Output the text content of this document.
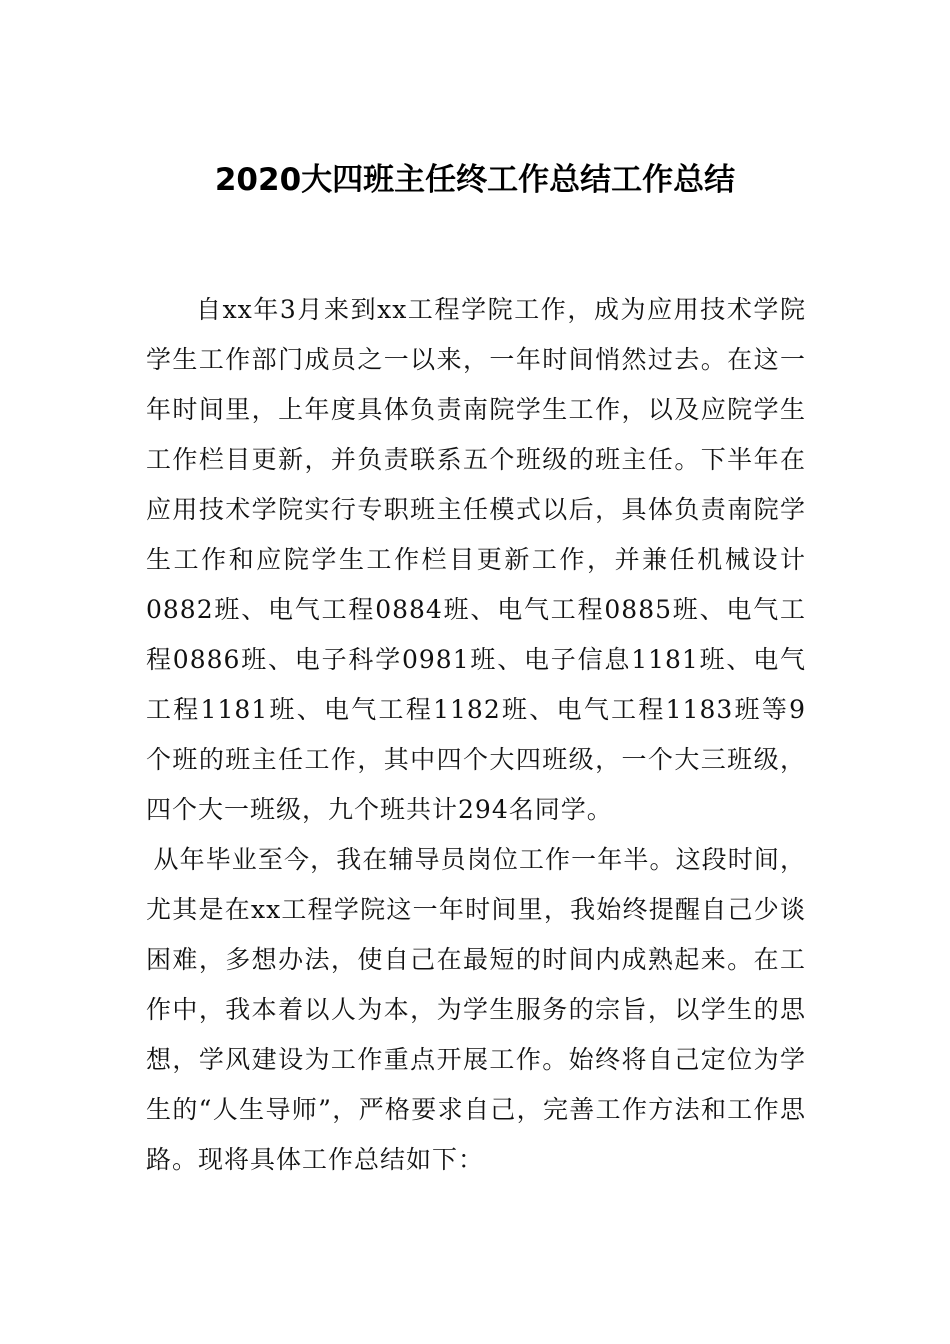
2020大四班主任终工作总结工作总结

自xx年3月来到xx工程学院工作，成为应用技术学院学生工作部门成员之一以来，一年时间悄然过去。在这一年时间里，上年度具体负责南院学生工作，以及应院学生工作栏目更新，并负责联系五个班级的班主任。下半年在应用技术学院实行专职班主任模式以后，具体负责南院学生工作和应院学生工作栏目更新工作，并兼任机械设计0882班、电气工程0884班、电气工程0885班、电气工程0886班、电子科学0981班、电子信息1181班、电气工程1181班、电气工程1182班、电气工程1183班等9个班的班主任工作，其中四个大四班级，一个大三班级，四个大一班级，九个班共计294名同学。

从年毕业至今，我在辅导员岗位工作一年半。这段时间，尤其是在xx工程学院这一年时间里，我始终提醒自己少谈困难，多想办法，使自己在最短的时间内成熟起来。在工作中，我本着以人为本，为学生服务的宗旨，以学生的思想，学风建设为工作重点开展工作。始终将自己定位为学生的“人生导师”，严格要求自己，完善工作方法和工作思路。现将具体工作总结如下：
